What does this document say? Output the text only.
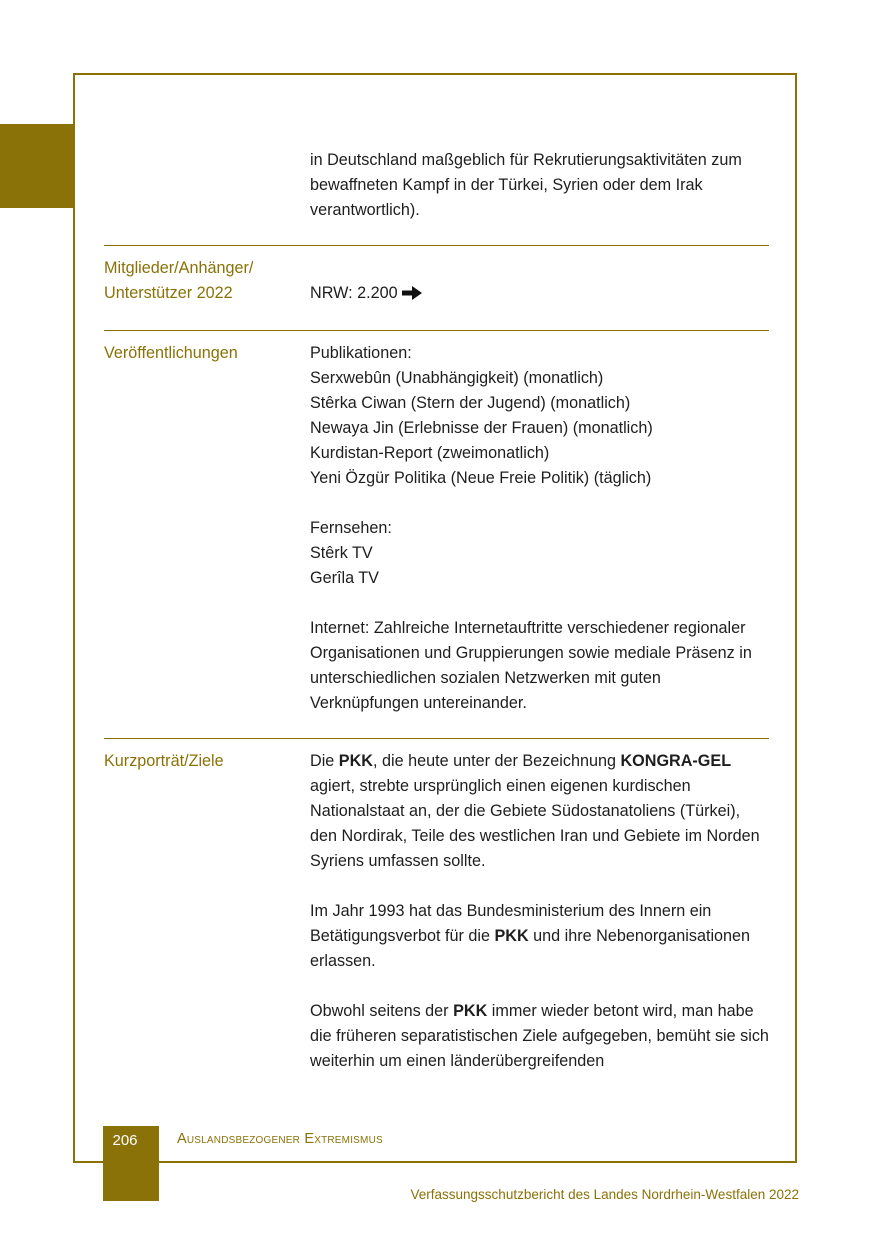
in Deutschland maßgeblich für Rekrutierungsaktivitäten zum bewaffneten Kampf in der Türkei, Syrien oder dem Irak verantwortlich).

Mitglieder/Anhänger/
Unterstützer 2022	NRW: 2.200
Veröffentlichungen	Publikationen:
Serxwebûn (Unabhängigkeit) (monatlich)
Stêrka Ciwan (Stern der Jugend) (monatlich)
Newaya Jin (Erlebnisse der Frauen) (monatlich)
Kurdistan-Report (zweimonatlich)
Yeni Özgür Politika (Neue Freie Politik) (täglich)

Fernsehen:
Stêrk TV
Gerîla TV

Internet: Zahlreiche Internetauftritte verschiedener regionaler Organisationen und Gruppierungen sowie mediale Präsenz in unterschiedlichen sozialen Netzwerken mit guten Verknüpfungen untereinander.

Kurzporträt/Ziele	Die PKK, die heute unter der Bezeichnung KONGRA-GEL agiert, strebte ursprünglich einen eigenen kurdischen Nationalstaat an, der die Gebiete Südostanatoliens (Türkei), den Nordirak, Teile des westlichen Iran und Gebiete im Norden Syriens umfassen sollte.

Im Jahr 1993 hat das Bundesministerium des Innern ein Betätigungsverbot für die PKK und ihre Nebenorganisationen erlassen.

Obwohl seitens der PKK immer wieder betont wird, man habe die früheren separatistischen Ziele aufgegeben, bemüht sie sich weiterhin um einen länderübergreifenden

206	Auslandsbezogener Extremismus
Verfassungsschutzbericht des Landes Nordrhein-Westfalen 2022
